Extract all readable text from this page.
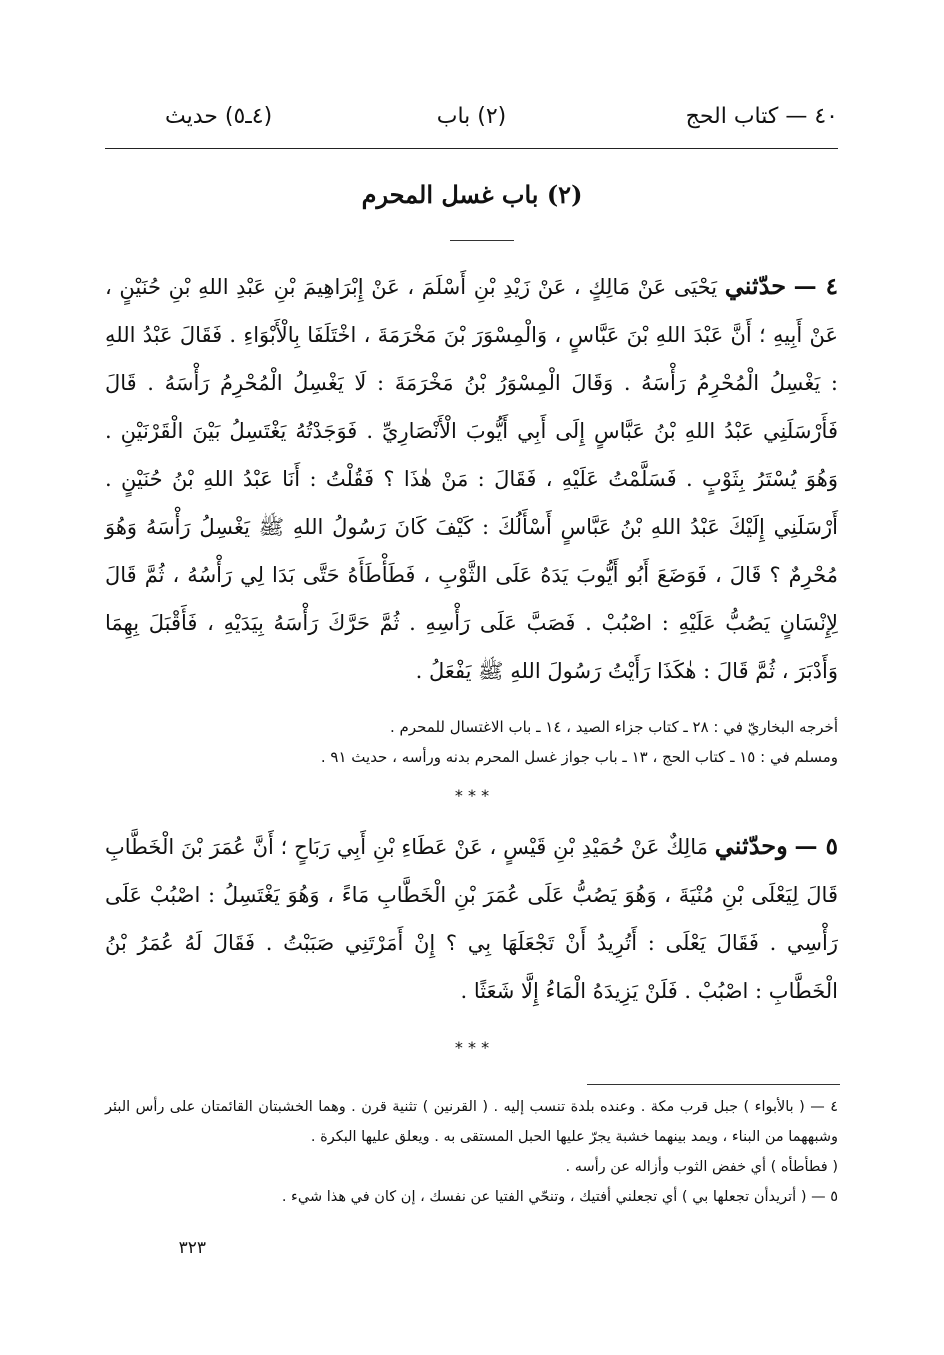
٤٠ — كتاب الحج
(٢) باب
(٤ـ٥) حديث
(٢) باب غسل المحرم
٤ — حدّثني يَحْيَى عَنْ مَالِكٍ ، عَنْ زَيْدِ بْنِ أَسْلَمَ ، عَنْ إِبْرَاهِيمَ بْنِ عَبْدِ اللهِ بْنِ حُنَيْنٍ ، عَنْ أَبِيهِ ؛ أَنَّ عَبْدَ اللهِ بْنَ عَبَّاسٍ ، وَالْمِسْوَرَ بْنَ مَخْرَمَةَ ، اخْتَلَفَا بِالْأَبْوَاءِ . فَقَالَ عَبْدُ اللهِ : يَغْسِلُ الْمُحْرِمُ رَأْسَهُ . وَقَالَ الْمِسْوَرُ بْنُ مَخْرَمَةَ : لَا يَغْسِلُ الْمُحْرِمُ رَأْسَهُ . قَالَ فَأَرْسَلَنِي عَبْدُ اللهِ بْنُ عَبَّاسٍ إِلَى أَبِي أَيُّوبَ الْأَنْصَارِيِّ . فَوَجَدْتُهُ يَغْتَسِلُ بَيْنَ الْقَرْنَيْنِ . وَهُوَ يُسْتَرُ بِثَوْبٍ . فَسَلَّمْتُ عَلَيْهِ ، فَقَالَ : مَنْ هٰذَا ؟ فَقُلْتُ : أَنَا عَبْدُ اللهِ بْنُ حُنَيْنٍ . أَرْسَلَنِي إِلَيْكَ عَبْدُ اللهِ بْنُ عَبَّاسٍ أَسْأَلُكَ : كَيْفَ كَانَ رَسُولُ اللهِ ﷺ يَغْسِلُ رَأْسَهُ وَهُوَ مُحْرِمٌ ؟ قَالَ ، فَوَضَعَ أَبُو أَيُّوبَ يَدَهُ عَلَى الثَّوْبِ ، فَطَأْطَأَهُ حَتَّى بَدَا لِي رَأْسُهُ ، ثُمَّ قَالَ لِإِنْسَانٍ يَصُبُّ عَلَيْهِ : اصْبُبْ . فَصَبَّ عَلَى رَأْسِهِ . ثُمَّ حَرَّكَ رَأْسَهُ بِيَدَيْهِ ، فَأَقْبَلَ بِهِمَا وَأَدْبَرَ ، ثُمَّ قَالَ : هٰكَذَا رَأَيْتُ رَسُولَ اللهِ ﷺ يَفْعَلُ .
أخرجه البخاريّ في : ٢٨ ـ كتاب جزاء الصيد ، ١٤ ـ باب الاغتسال للمحرم .
ومسلم في : ١٥ ـ كتاب الحج ، ١٣ ـ باب جواز غسل المحرم بدنه ورأسه ، حديث ٩١ .
* * *
٥ — وحدّثني مَالِكٌ عَنْ حُمَيْدِ بْنِ قَيْسٍ ، عَنْ عَطَاءِ بْنِ أَبِي رَبَاحٍ ؛ أَنَّ عُمَرَ بْنَ الْخَطَّابِ قَالَ لِيَعْلَى بْنِ مُنْيَةَ ، وَهُوَ يَصُبُّ عَلَى عُمَرَ بْنِ الْخَطَّابِ مَاءً ، وَهُوَ يَغْتَسِلُ : اصْبُبْ عَلَى رَأْسِي . فَقَالَ يَعْلَى : أَتُرِيدُ أَنْ تَجْعَلَهَا بِي ؟ إِنْ أَمَرْتَنِي صَبَبْتُ . فَقَالَ لَهُ عُمَرُ بْنُ الْخَطَّابِ : اصْبُبْ . فَلَنْ يَزِيدَهُ الْمَاءُ إِلَّا شَعَثًا .
* * *
٤ — ( بالأبواء ) جبل قرب مكة . وعنده بلدة تنسب إليه . ( القرنين ) تثنية قرن . وهما الخشبتان القائمتان على رأس البئر وشبههما من البناء ، ويمد بينهما خشبة يجرّ عليها الحبل المستقى به . ويعلق عليها البكرة .
( فطأطأه ) أي خفض الثوب وأزاله عن رأسه .
٥ — ( أتريدأن تجعلها بي ) أي تجعلني أفتيك ، وتنحّي الفتيا عن نفسك ، إن كان في هذا شيء .
٣٢٣
